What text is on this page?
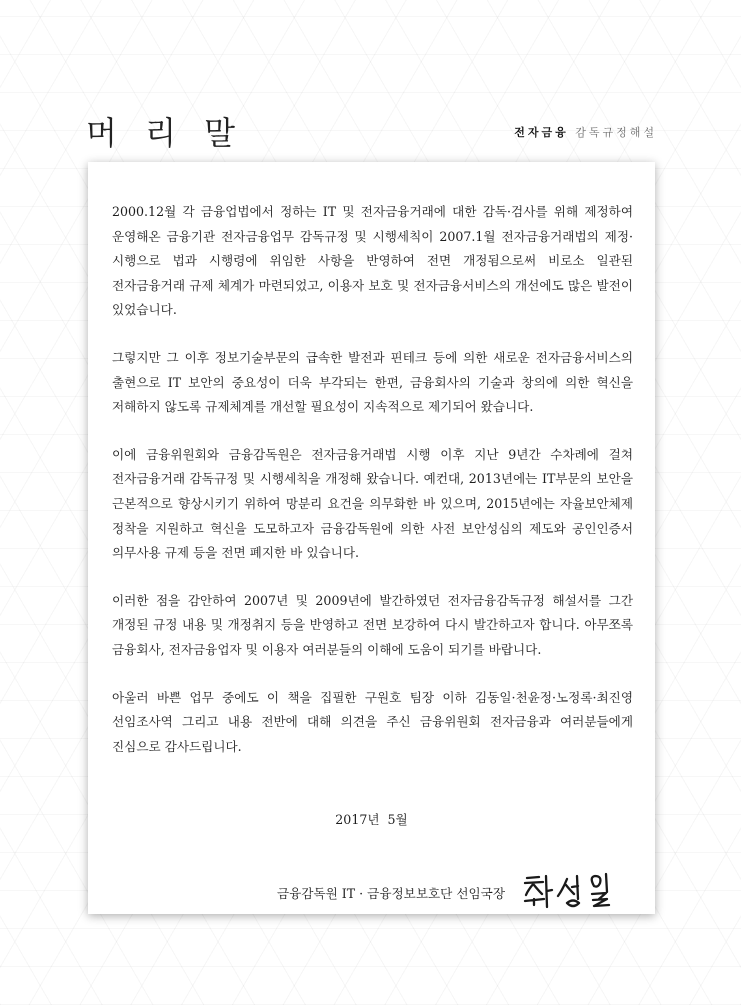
머 리 말	전자금융 감독규정해설

2000.12월 각 금융업법에서 정하는 IT 및 전자금융거래에 대한 감독·검사를 위해 제정하여 운영해온 금융기관 전자금융업무 감독규정 및 시행세칙이 2007.1월 전자금융거래법의 제정·시행으로 법과 시행령에 위임한 사항을 반영하여 전면 개정됨으로써 비로소 일관된 전자금융거래 규제 체계가 마련되었고, 이용자 보호 및 전자금융서비스의 개선에도 많은 발전이 있었습니다.

그렇지만 그 이후 정보기술부문의 급속한 발전과 핀테크 등에 의한 새로운 전자금융서비스의 출현으로 IT 보안의 중요성이 더욱 부각되는 한편, 금융회사의 기술과 창의에 의한 혁신을 저해하지 않도록 규제체계를 개선할 필요성이 지속적으로 제기되어 왔습니다.

이에 금융위원회와 금융감독원은 전자금융거래법 시행 이후 지난 9년간 수차례에 걸쳐 전자금융거래 감독규정 및 시행세칙을 개정해 왔습니다. 예컨대, 2013년에는 IT부문의 보안을 근본적으로 향상시키기 위하여 망분리 요건을 의무화한 바 있으며, 2015년에는 자율보안체제 정착을 지원하고 혁신을 도모하고자 금융감독원에 의한 사전 보안성심의 제도와 공인인증서 의무사용 규제 등을 전면 폐지한 바 있습니다.

이러한 점을 감안하여 2007년 및 2009년에 발간하였던 전자금융감독규정 해설서를 그간 개정된 규정 내용 및 개정취지 등을 반영하고 전면 보강하여 다시 발간하고자 합니다. 아무쪼록 금융회사, 전자금융업자 및 이용자 여러분들의 이해에 도움이 되기를 바랍니다.

아울러 바쁜 업무 중에도 이 책을 집필한 구원호 팀장 이하 김동일·천윤정·노정록·최진영 선임조사역 그리고 내용 전반에 대해 의견을 주신 금융위원회 전자금융과 여러분들에게 진심으로 감사드립니다.

2017년  5월
금융감독원 IT · 금융정보보호단 선임국장
